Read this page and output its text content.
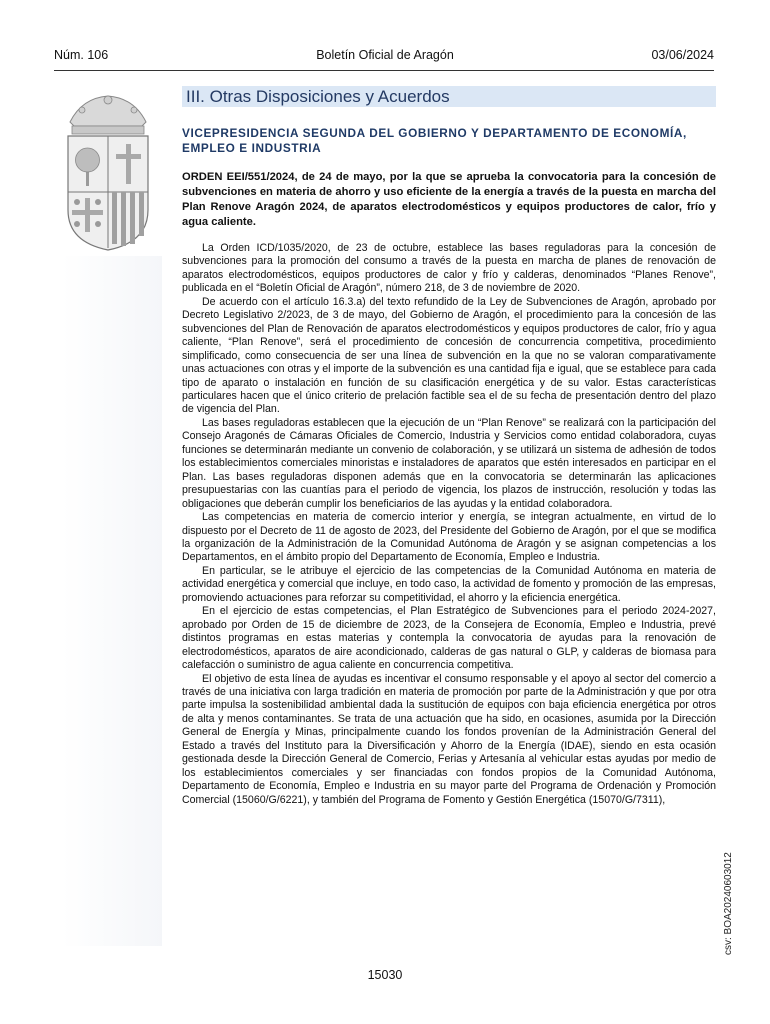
Núm. 106	Boletín Oficial de Aragón	03/06/2024
III. Otras Disposiciones y Acuerdos
VICEPRESIDENCIA SEGUNDA DEL GOBIERNO Y DEPARTAMENTO DE ECONOMÍA, EMPLEO E INDUSTRIA
ORDEN EEI/551/2024, de 24 de mayo, por la que se aprueba la convocatoria para la concesión de subvenciones en materia de ahorro y uso eficiente de la energía a través de la puesta en marcha del Plan Renove Aragón 2024, de aparatos electrodomésticos y equipos productores de calor, frío y agua caliente.

La Orden ICD/1035/2020, de 23 de octubre, establece las bases reguladoras para la concesión de subvenciones para la promoción del consumo a través de la puesta en marcha de planes de renovación de aparatos electrodomésticos, equipos productores de calor y frío y calderas, denominados “Planes Renove”, publicada en el “Boletín Oficial de Aragón”, número 218, de 3 de noviembre de 2020.

De acuerdo con el artículo 16.3.a) del texto refundido de la Ley de Subvenciones de Aragón, aprobado por Decreto Legislativo 2/2023, de 3 de mayo, del Gobierno de Aragón, el procedimiento para la concesión de las subvenciones del Plan de Renovación de aparatos electrodomésticos y equipos productores de calor, frío y agua caliente, “Plan Renove”, será el procedimiento de concesión de concurrencia competitiva, procedimiento simplificado, como consecuencia de ser una línea de subvención en la que no se valoran comparativamente unas actuaciones con otras y el importe de la subvención es una cantidad fija e igual, que se establece para cada tipo de aparato o instalación en función de su clasificación energética y de su valor. Estas características particulares hacen que el único criterio de prelación factible sea el de su fecha de presentación dentro del plazo de vigencia del Plan.

Las bases reguladoras establecen que la ejecución de un “Plan Renove” se realizará con la participación del Consejo Aragonés de Cámaras Oficiales de Comercio, Industria y Servicios como entidad colaboradora, cuyas funciones se determinarán mediante un convenio de colaboración, y se utilizará un sistema de adhesión de todos los establecimientos comerciales minoristas e instaladores de aparatos que estén interesados en participar en el Plan. Las bases reguladoras disponen además que en la convocatoria se determinarán las aplicaciones presupuestarias con las cuantías para el periodo de vigencia, los plazos de instrucción, resolución y todas las obligaciones que deberán cumplir los beneficiarios de las ayudas y la entidad colaboradora.

Las competencias en materia de comercio interior y energía, se integran actualmente, en virtud de lo dispuesto por el Decreto de 11 de agosto de 2023, del Presidente del Gobierno de Aragón, por el que se modifica la organización de la Administración de la Comunidad Autónoma de Aragón y se asignan competencias a los Departamentos, en el ámbito propio del Departamento de Economía, Empleo e Industria.

En particular, se le atribuye el ejercicio de las competencias de la Comunidad Autónoma en materia de actividad energética y comercial que incluye, en todo caso, la actividad de fomento y promoción de las empresas, promoviendo actuaciones para reforzar su competitividad, el ahorro y la eficiencia energética.

En el ejercicio de estas competencias, el Plan Estratégico de Subvenciones para el periodo 2024-2027, aprobado por Orden de 15 de diciembre de 2023, de la Consejera de Economía, Empleo e Industria, prevé distintos programas en estas materias y contempla la convocatoria de ayudas para la renovación de electrodomésticos, aparatos de aire acondicionado, calderas de gas natural o GLP, y calderas de biomasa para calefacción o suministro de agua caliente en concurrencia competitiva.

El objetivo de esta línea de ayudas es incentivar el consumo responsable y el apoyo al sector del comercio a través de una iniciativa con larga tradición en materia de promoción por parte de la Administración y que por otra parte impulsa la sostenibilidad ambiental dada la sustitución de equipos con baja eficiencia energética por otros de alta y menos contaminantes. Se trata de una actuación que ha sido, en ocasiones, asumida por la Dirección General de Energía y Minas, principalmente cuando los fondos provenían de la Administración General del Estado a través del Instituto para la Diversificación y Ahorro de la Energía (IDAE), siendo en esta ocasión gestionada desde la Dirección General de Comercio, Ferias y Artesanía al vehicular estas ayudas por medio de los establecimientos comerciales y ser financiadas con fondos propios de la Comunidad Autónoma, Departamento de Economía, Empleo e Industria en su mayor parte del Programa de Ordenación y Promoción Comercial (15060/G/6221), y también del Programa de Fomento y Gestión Energética (15070/G/7311),

csv: BOA20240603012
15030
